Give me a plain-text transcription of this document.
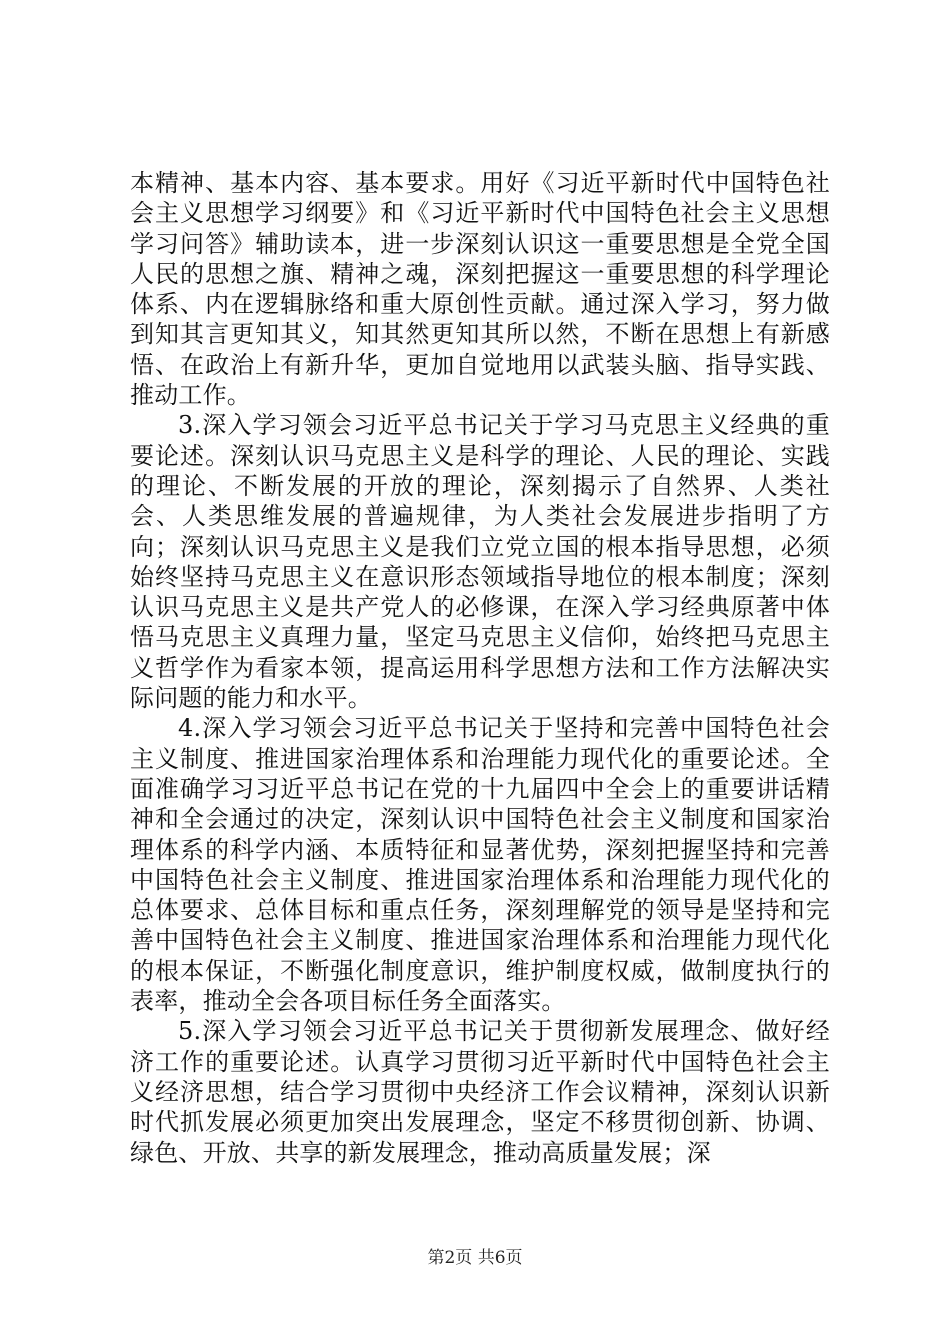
本精神、基本内容、基本要求。用好《习近平新时代中国特色社会主义思想学习纲要》和《习近平新时代中国特色社会主义思想学习问答》辅助读本，进一步深刻认识这一重要思想是全党全国人民的思想之旗、精神之魂，深刻把握这一重要思想的科学理论体系、内在逻辑脉络和重大原创性贡献。通过深入学习，努力做到知其言更知其义，知其然更知其所以然，不断在思想上有新感悟、在政治上有新升华，更加自觉地用以武装头脑、指导实践、推动工作。

3.深入学习领会习近平总书记关于学习马克思主义经典的重要论述。深刻认识马克思主义是科学的理论、人民的理论、实践的理论、不断发展的开放的理论，深刻揭示了自然界、人类社会、人类思维发展的普遍规律，为人类社会发展进步指明了方向；深刻认识马克思主义是我们立党立国的根本指导思想，必须始终坚持马克思主义在意识形态领域指导地位的根本制度；深刻认识马克思主义是共产党人的必修课，在深入学习经典原著中体悟马克思主义真理力量，坚定马克思主义信仰，始终把马克思主义哲学作为看家本领，提高运用科学思想方法和工作方法解决实际问题的能力和水平。

4.深入学习领会习近平总书记关于坚持和完善中国特色社会主义制度、推进国家治理体系和治理能力现代化的重要论述。全面准确学习习近平总书记在党的十九届四中全会上的重要讲话精神和全会通过的决定，深刻认识中国特色社会主义制度和国家治理体系的科学内涵、本质特征和显著优势，深刻把握坚持和完善中国特色社会主义制度、推进国家治理体系和治理能力现代化的总体要求、总体目标和重点任务，深刻理解党的领导是坚持和完善中国特色社会主义制度、推进国家治理体系和治理能力现代化的根本保证，不断强化制度意识，维护制度权威，做制度执行的表率，推动全会各项目标任务全面落实。

5.深入学习领会习近平总书记关于贯彻新发展理念、做好经济工作的重要论述。认真学习贯彻习近平新时代中国特色社会主义经济思想，结合学习贯彻中央经济工作会议精神，深刻认识新时代抓发展必须更加突出发展理念，坚定不移贯彻创新、协调、绿色、开放、共享的新发展理念，推动高质量发展；深

第2页 共6页
